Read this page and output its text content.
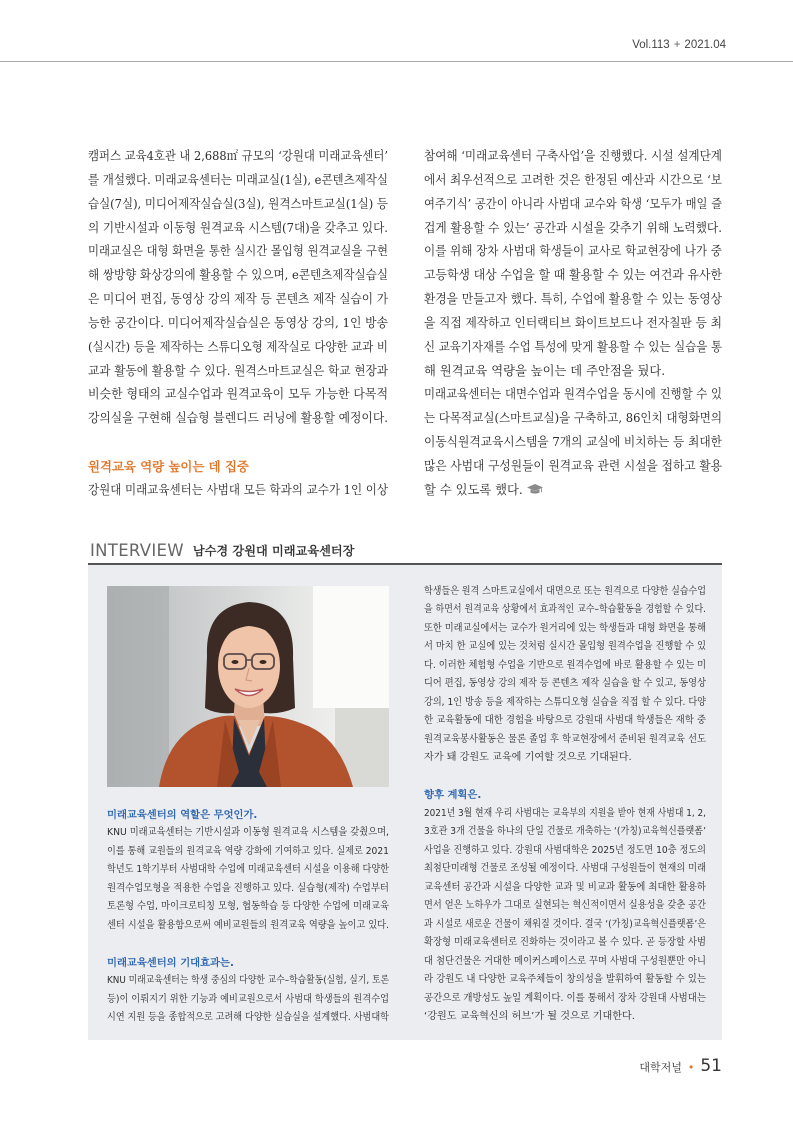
Vol.113 + 2021.04
캠퍼스 교육4호관 내 2,688㎡ 규모의 ‘강원대 미래교육센터’
를 개설했다. 미래교육센터는 미래교실(1실), e콘텐츠제작실
습실(7실), 미디어제작실습실(3실), 원격스마트교실(1실) 등
의 기반시설과 이동형 원격교육 시스템(7대)을 갖추고 있다.
미래교실은 대형 화면을 통한 실시간 몰입형 원격교실을 구현
해 쌍방향 화상강의에 활용할 수 있으며, e콘텐츠제작실습실
은 미디어 편집, 동영상 강의 제작 등 콘텐츠 제작 실습이 가
능한 공간이다. 미디어제작실습실은 동영상 강의, 1인 방송
(실시간) 등을 제작하는 스튜디오형 제작실로 다양한 교과 비
교과 활동에 활용할 수 있다. 원격스마트교실은 학교 현장과
비슷한 형태의 교실수업과 원격교육이 모두 가능한 다목적
강의실을 구현해 실습형 블렌디드 러닝에 활용할 예정이다.
원격교육 역량 높이는 데 집중
강원대 미래교육센터는 사범대 모든 학과의 교수가 1인 이상
참여해 ‘미래교육센터 구축사업’을 진행했다. 시설 설계단계
에서 최우선적으로 고려한 것은 한정된 예산과 시간으로 ‘보
여주기식’ 공간이 아니라 사범대 교수와 학생 ‘모두가 매일 즐
겁게 활용할 수 있는’ 공간과 시설을 갖추기 위해 노력했다.
이를 위해 장차 사범대 학생들이 교사로 학교현장에 나가 중
고등학생 대상 수업을 할 때 활용할 수 있는 여건과 유사한
환경을 만들고자 했다. 특히, 수업에 활용할 수 있는 동영상
을 직접 제작하고 인터랙티브 화이트보드나 전자칠판 등 최
신 교육기자재를 수업 특성에 맞게 활용할 수 있는 실습을 통
해 원격교육 역량을 높이는 데 주안점을 뒀다.
미래교육센터는 대면수업과 원격수업을 동시에 진행할 수 있
는 다목적교실(스마트교실)을 구축하고, 86인치 대형화면의
이동식원격교육시스템을 7개의 교실에 비치하는 등 최대한
많은 사범대 구성원들이 원격교육 관련 시설을 접하고 활용
할 수 있도록 했다.
INTERVIEW 남수경 강원대 미래교육센터장
미래교육센터의 역할은 무엇인가.
KNU 미래교육센터는 기반시설과 이동형 원격교육 시스템을 갖췄으며,
이를 통해 교원들의 원격교육 역량 강화에 기여하고 있다. 실제로 2021
학년도 1학기부터 사범대학 수업에 미래교육센터 시설을 이용해 다양한
원격수업모형을 적용한 수업을 진행하고 있다. 실습형(제작) 수업부터
토론형 수업, 마이크로티칭 모형, 협동학습 등 다양한 수업에 미래교육
센터 시설을 활용함으로써 예비교원들의 원격교육 역량을 높이고 있다.
미래교육센터의 기대효과는.
KNU 미래교육센터는 학생 중심의 다양한 교수–학습활동(실험, 실기, 토론
등)이 이뤄지기 위한 기능과 예비교원으로서 사범대 학생들의 원격수업
시연 지원 등을 종합적으로 고려해 다양한 실습실을 설계했다. 사범대학
학생들은 원격 스마트교실에서 대면으로 또는 원격으로 다양한 실습수업
을 하면서 원격교육 상황에서 효과적인 교수–학습활동을 경험할 수 있다.
또한 미래교실에서는 교수가 원거리에 있는 학생들과 대형 화면을 통해
서 마치 한 교실에 있는 것처럼 실시간 몰입형 원격수업을 진행할 수 있
다. 이러한 체험형 수업을 기반으로 원격수업에 바로 활용할 수 있는 미
디어 편집, 동영상 강의 제작 등 콘텐츠 제작 실습을 할 수 있고, 동영상
강의, 1인 방송 등을 제작하는 스튜디오형 실습을 직접 할 수 있다. 다양
한 교육활동에 대한 경험을 바탕으로 강원대 사범대 학생들은 재학 중
원격교육봉사활동은 물론 졸업 후 학교현장에서 준비된 원격교육 선도
자가 돼 강원도 교육에 기여할 것으로 기대된다.
향후 계획은.
2021년 3월 현재 우리 사범대는 교육부의 지원을 받아 현재 사범대 1, 2,
3호관 3개 건물을 하나의 단일 건물로 개축하는 ‘(가칭)교육혁신플랫폼’
사업을 진행하고 있다. 강원대 사범대학은 2025년 정도면 10층 정도의
최첨단미래형 건물로 조성될 예정이다. 사범대 구성원들이 현재의 미래
교육센터 공간과 시설을 다양한 교과 및 비교과 활동에 최대한 활용하
면서 얻은 노하우가 그대로 실현되는 혁신적이면서 실용성을 갖춘 공간
과 시설로 새로운 건물이 채워질 것이다. 결국 ‘(가칭)교육혁신플랫폼’은
확장형 미래교육센터로 진화하는 것이라고 볼 수 있다. 곧 등장할 사범
대 첨단건물은 거대한 메이커스페이스로 꾸며 사범대 구성원뿐만 아니
라 강원도 내 다양한 교육주체들이 창의성을 발휘하여 활동할 수 있는
공간으로 개방성도 높일 계획이다. 이를 통해서 장차 강원대 사범대는
‘강원도 교육혁신의 허브’가 될 것으로 기대한다.
대학저널 • 51
